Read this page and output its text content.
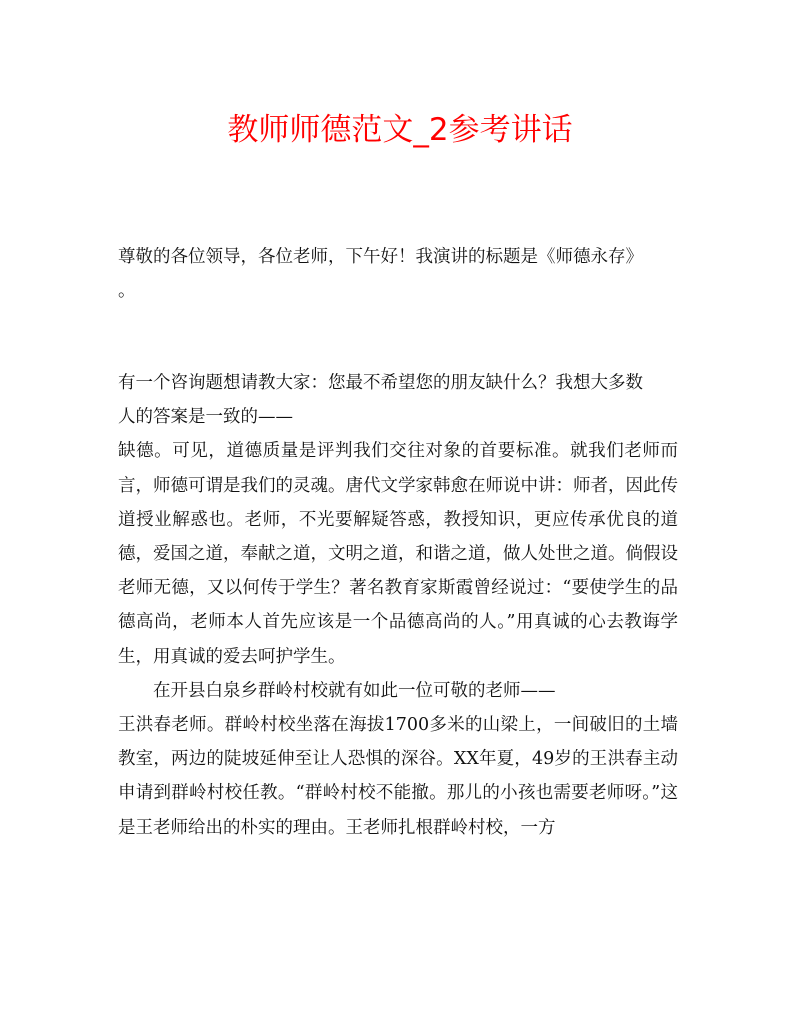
教师师德范文_2参考讲话

尊敬的各位领导，各位老师，下午好！我演讲的标题是《师德永存》

。

有一个咨询题想请教大家：您最不希望您的朋友缺什么？我想大多数

人的答案是一致的——

缺德。可见，道德质量是评判我们交往对象的首要标准。就我们老师而言，师德可谓是我们的灵魂。唐代文学家韩愈在师说中讲：师者，因此传道授业解惑也。老师，不光要解疑答惑，教授知识，更应传承优良的道德，爱国之道，奉献之道，文明之道，和谐之道，做人处世之道。倘假设老师无德，又以何传于学生？著名教育家斯霞曾经说过：“要使学生的品德高尚，老师本人首先应该是一个品德高尚的人。”用真诚的心去教诲学生，用真诚的爱去呵护学生。

在开县白泉乡群岭村校就有如此一位可敬的老师——

王洪春老师。群岭村校坐落在海拔1700多米的山梁上，一间破旧的土墙教室，两边的陡坡延伸至让人恐惧的深谷。XX年夏，49岁的王洪春主动申请到群岭村校任教。“群岭村校不能撤。那儿的小孩也需要老师呀。”这是王老师给出的朴实的理由。王老师扎根群岭村校，一方
